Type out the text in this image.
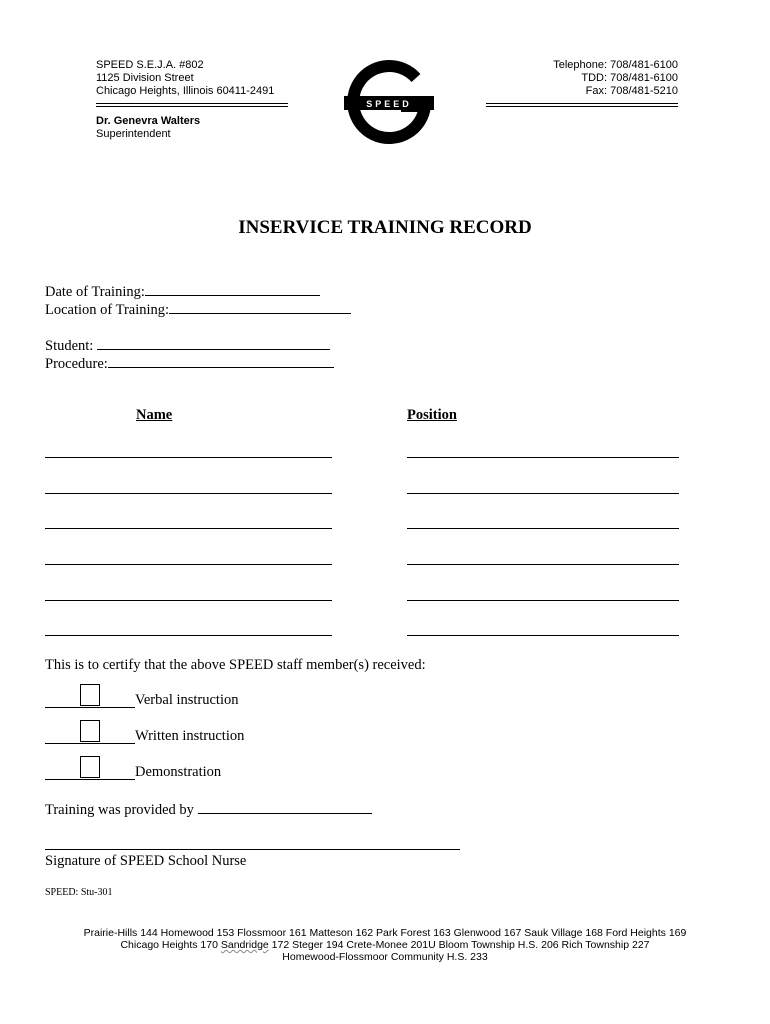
SPEED S.E.J.A. #802
1125 Division Street
Chicago Heights, Illinois 60411-2491
Dr. Genevra Walters
Superintendent
SPEED
Telephone: 708/481-6100
TDD: 708/481-6100
Fax: 708/481-5210
INSERVICE TRAINING RECORD
Date of Training:
Location of Training:
Student:
Procedure:
Name	Position
This is to certify that the above SPEED staff member(s) received:
Verbal instruction
Written instruction
Demonstration
Training was provided by
Signature of SPEED School Nurse
SPEED: Stu-301
Prairie-Hills 144 Homewood 153 Flossmoor 161 Matteson 162 Park Forest 163 Glenwood 167 Sauk Village 168 Ford Heights 169
Chicago Heights 170 Sandridge 172 Steger 194 Crete-Monee 201U Bloom Township H.S. 206 Rich Township 227
Homewood-Flossmoor Community H.S. 233
